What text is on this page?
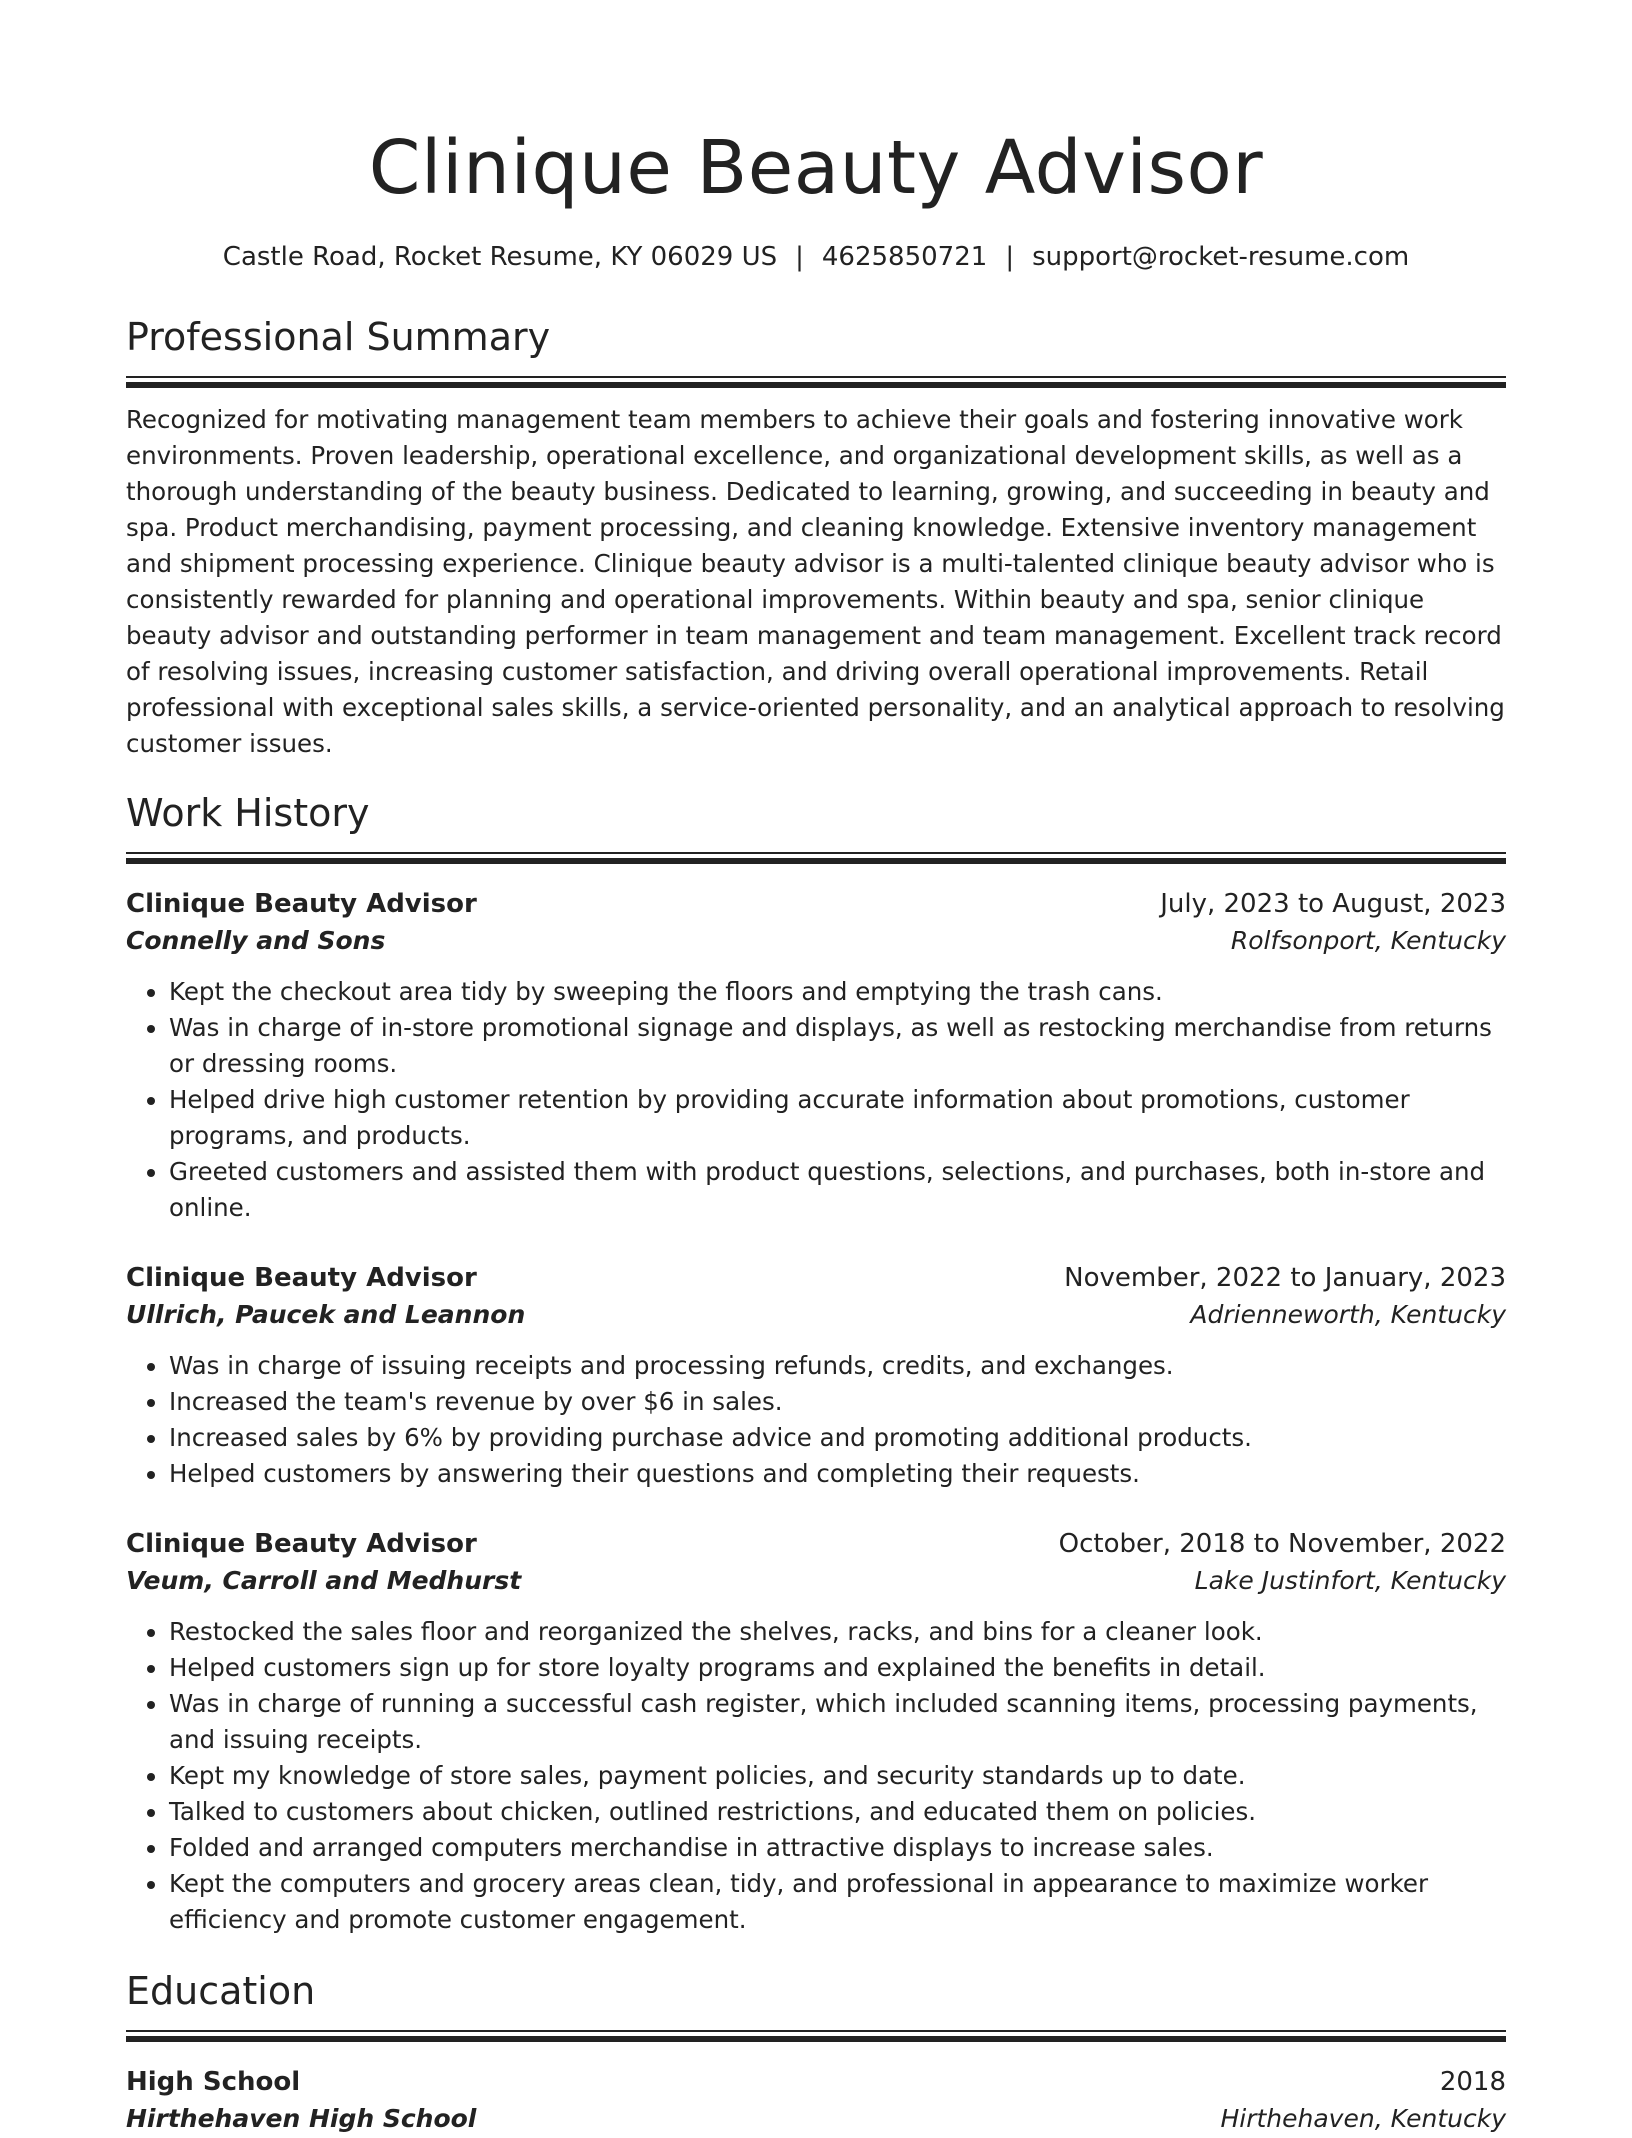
Clinique Beauty Advisor
Castle Road, Rocket Resume, KY 06029 US | 4625850721 | support@rocket-resume.com
Professional Summary

Recognized for motivating management team members to achieve their goals and fostering innovative work environments. Proven leadership, operational excellence, and organizational development skills, as well as a thorough understanding of the beauty business. Dedicated to learning, growing, and succeeding in beauty and spa. Product merchandising, payment processing, and cleaning knowledge. Extensive inventory management and shipment processing experience. Clinique beauty advisor is a multi-talented clinique beauty advisor who is consistently rewarded for planning and operational improvements. Within beauty and spa, senior clinique beauty advisor and outstanding performer in team management and team management. Excellent track record of resolving issues, increasing customer satisfaction, and driving overall operational improvements. Retail professional with exceptional sales skills, a service-oriented personality, and an analytical approach to resolving customer issues.

Work History
Clinique Beauty Advisor	July, 2023 to August, 2023
Connelly and Sons	Rolfsonport, Kentucky
• Kept the checkout area tidy by sweeping the floors and emptying the trash cans.
• Was in charge of in-store promotional signage and displays, as well as restocking merchandise from returns or dressing rooms.
• Helped drive high customer retention by providing accurate information about promotions, customer programs, and products.
• Greeted customers and assisted them with product questions, selections, and purchases, both in-store and online.
Clinique Beauty Advisor	November, 2022 to January, 2023
Ullrich, Paucek and Leannon	Adrienneworth, Kentucky
• Was in charge of issuing receipts and processing refunds, credits, and exchanges.
• Increased the team's revenue by over $6 in sales.
• Increased sales by 6% by providing purchase advice and promoting additional products.
• Helped customers by answering their questions and completing their requests.
Clinique Beauty Advisor	October, 2018 to November, 2022
Veum, Carroll and Medhurst	Lake Justinfort, Kentucky
• Restocked the sales floor and reorganized the shelves, racks, and bins for a cleaner look.
• Helped customers sign up for store loyalty programs and explained the benefits in detail.
• Was in charge of running a successful cash register, which included scanning items, processing payments, and issuing receipts.
• Kept my knowledge of store sales, payment policies, and security standards up to date.
• Talked to customers about chicken, outlined restrictions, and educated them on policies.
• Folded and arranged computers merchandise in attractive displays to increase sales.
• Kept the computers and grocery areas clean, tidy, and professional in appearance to maximize worker efficiency and promote customer engagement.
Education
High School	2018
Hirthehaven High School	Hirthehaven, Kentucky
